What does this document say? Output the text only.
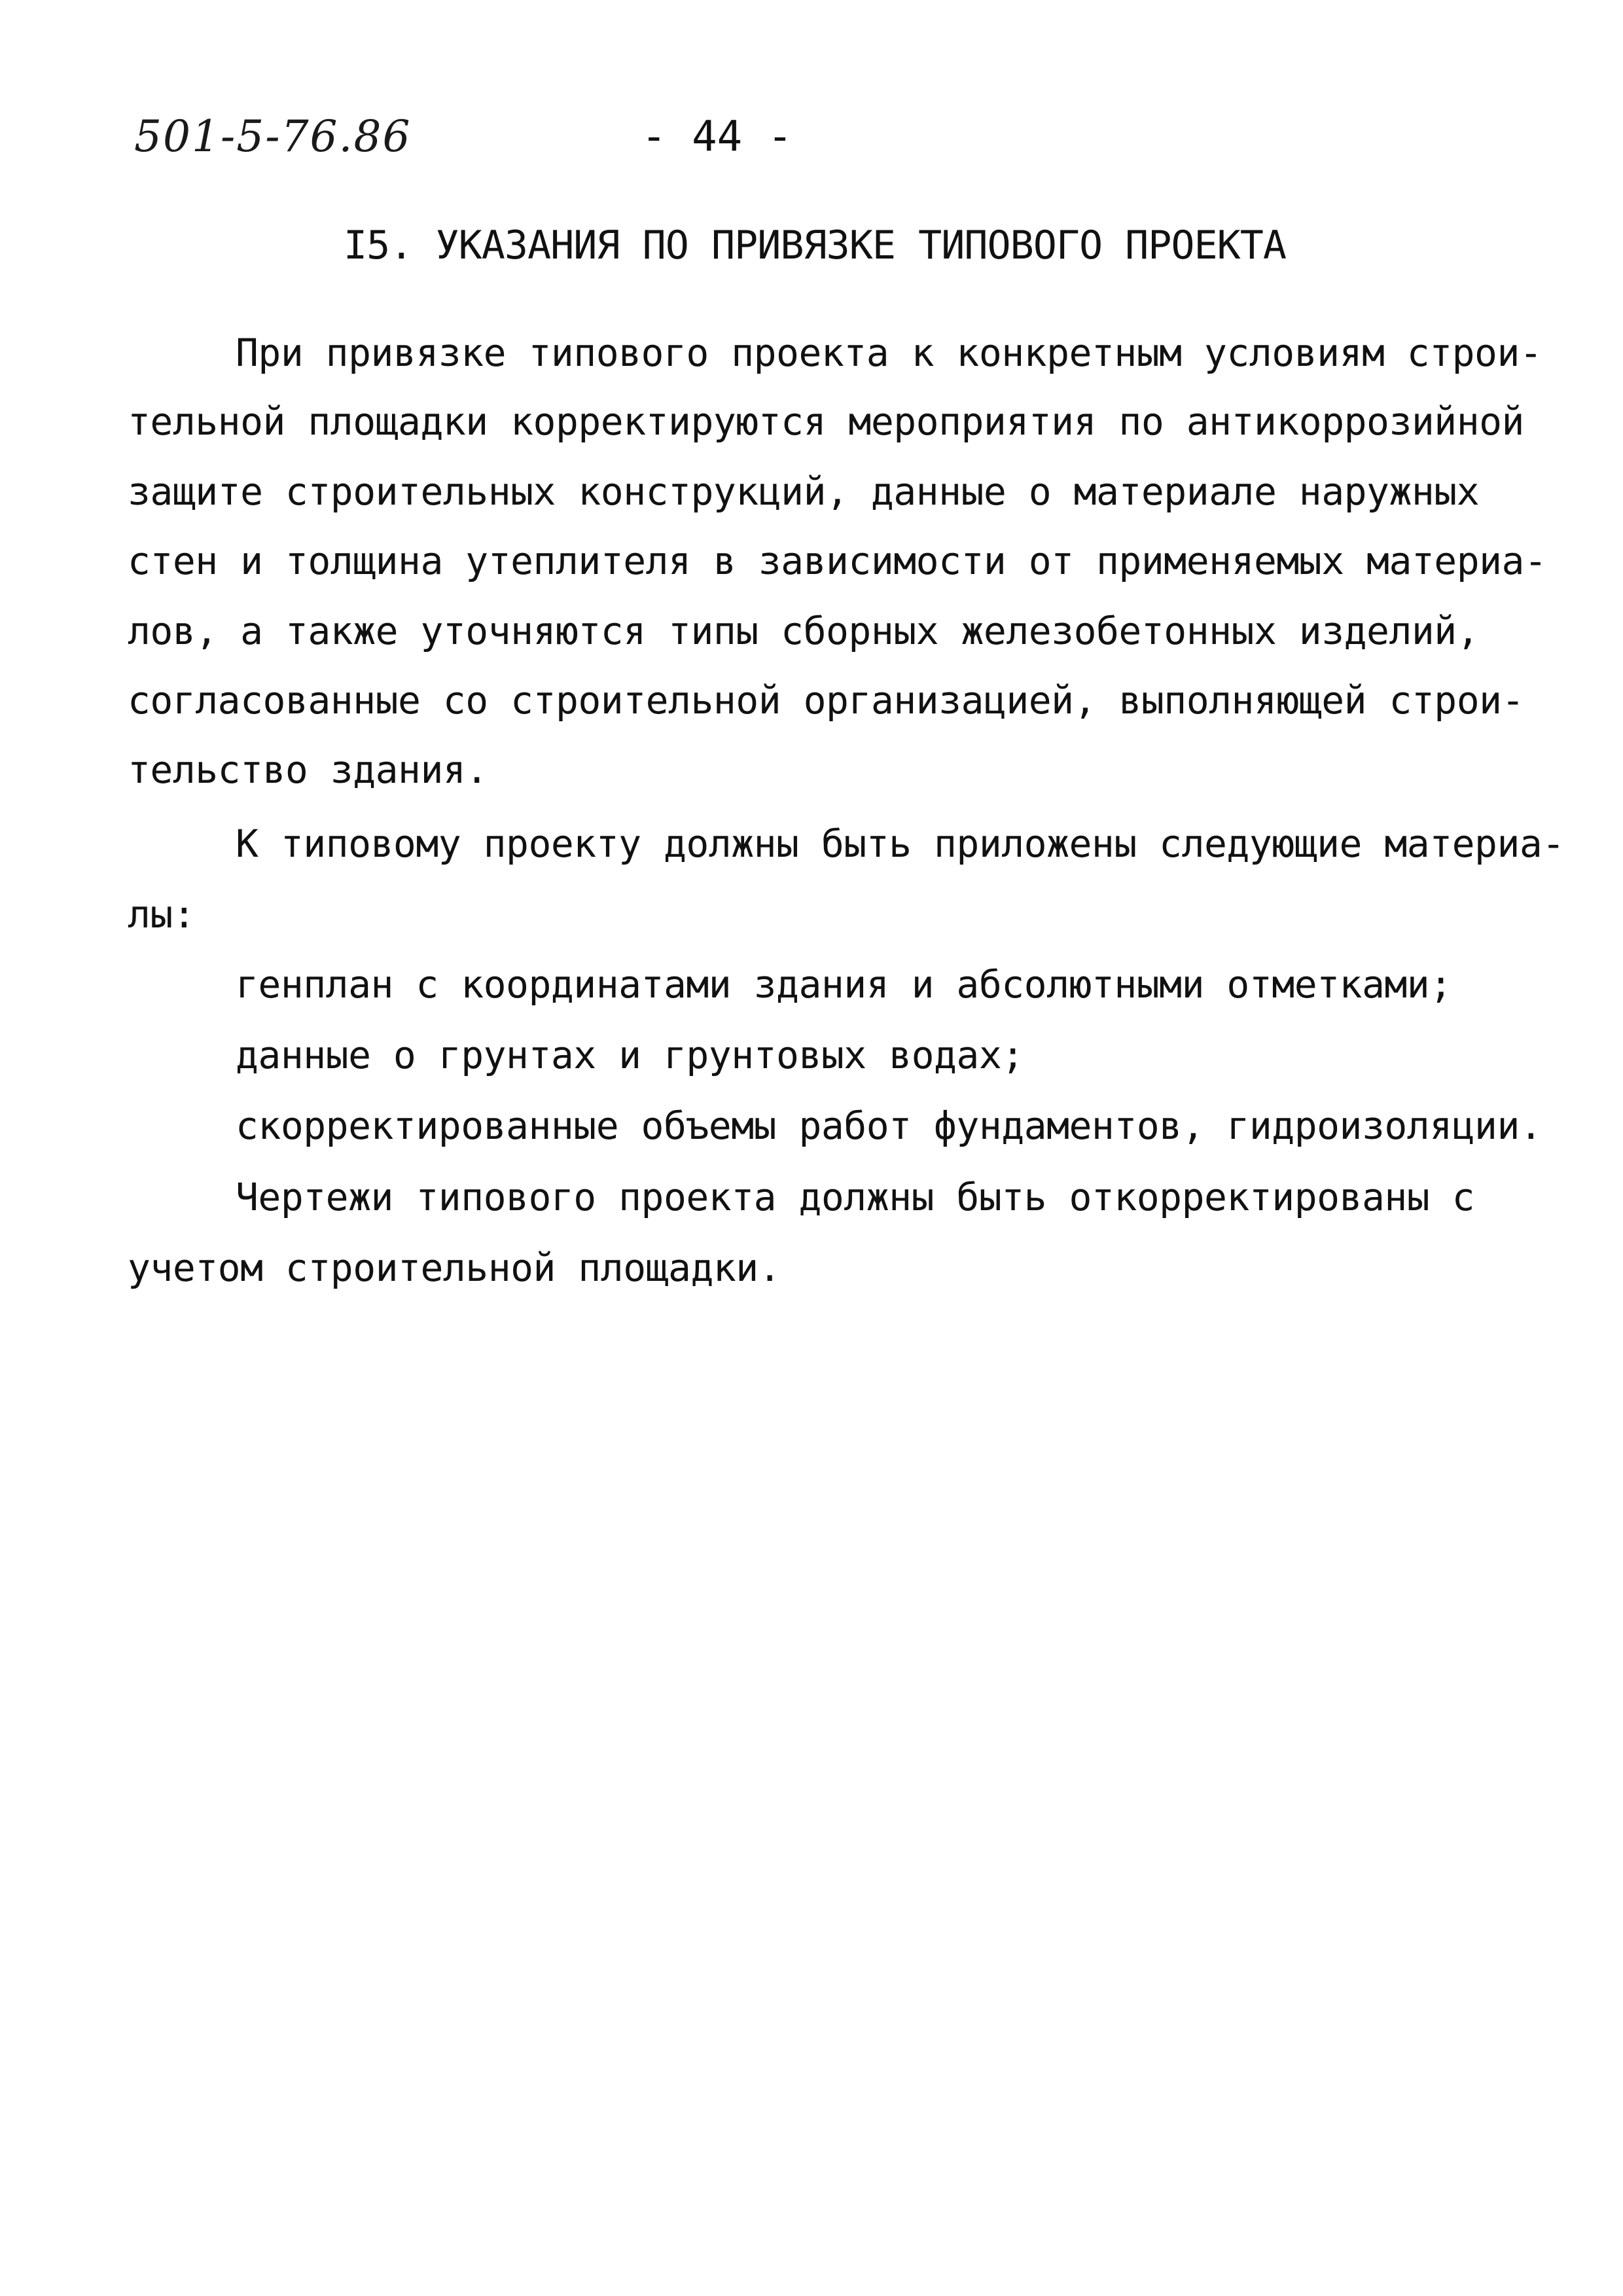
501-5-76.86	- 44 -
I5. УКАЗАНИЯ ПО ПРИВЯЗКЕ ТИПОВОГО ПРОЕКТА
При привязке типового проекта к конкретным условиям строи-
тельной площадки корректируются мероприятия по антикоррозийной
защите строительных конструкций, данные о материале наружных
стен и толщина утеплителя в зависимости от применяемых материа-
лов, а также уточняются типы сборных железобетонных изделий,
согласованные со строительной организацией, выполняющей строи-
тельство здания.
К типовому проекту должны быть приложены следующие материа-
лы:
генплан с координатами здания и абсолютными отметками;
данные о грунтах и грунтовых водах;
скорректированные объемы работ фундаментов, гидроизоляции.
Чертежи типового проекта должны быть откорректированы с
учетом строительной площадки.
